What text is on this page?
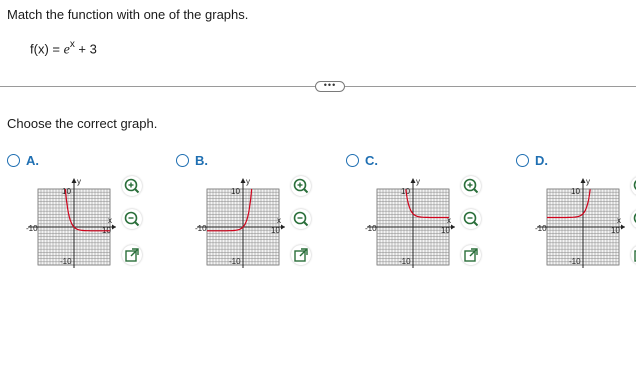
Match the function with one of the graphs.
$f(x) = e^x + 3$
•••
Choose the correct graph.
A.
10
y
-10	10
x
-10
B.
10
y
-10	10
x
-10
C.
10
y
-10	10
x
-10
D.
10
y
-10	10
x
-10
